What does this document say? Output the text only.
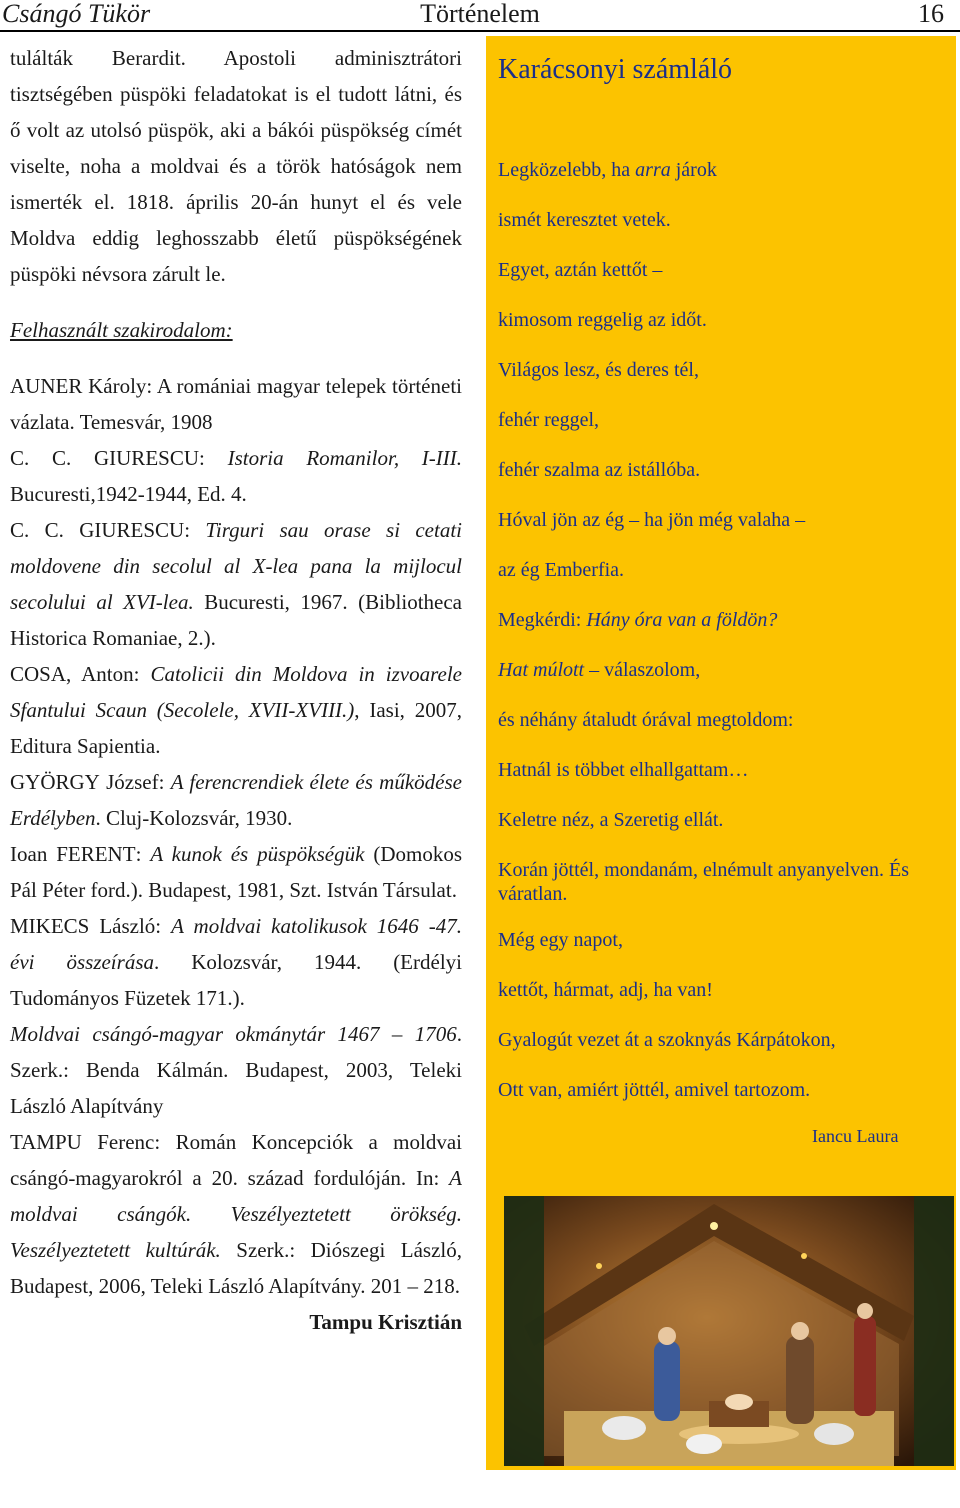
Csángó Tükör	Történelem	16

tulálták Berardit. Apostoli adminisztrátori tisztségében püspöki feladatokat is el tudott látni, és ő volt az utolsó püspök, aki a bákói püspökség címét viselte, noha a moldvai és a török hatóságok nem ismerték el. 1818. április 20-án hunyt el és vele Moldva eddig leghosszabb életű püspökségének püspöki névsora zárult le.

Felhasznált szakirodalom:

AUNER Károly: A romániai magyar telepek történeti vázlata. Temesvár, 1908

C. C. GIURESCU: Istoria Romanilor, I-III. Bucuresti,1942-1944, Ed. 4.

C. C. GIURESCU: Tirguri sau orase si cetati moldovene din secolul al X-lea pana la mijlocul secolului al XVI-lea. Bucuresti, 1967. (Bibliotheca Historica Romaniae, 2.).

COSA, Anton: Catolicii din Moldova in izvoarele Sfantului Scaun (Secolele, XVII-XVIII.), Iasi, 2007, Editura Sapientia.

GYÖRGY József: A ferencrendiek élete és működése Erdélyben. Cluj-Kolozsvár, 1930.

Ioan FERENT: A kunok és püspökségük (Domokos Pál Péter ford.). Budapest, 1981, Szt. István Társulat.

MIKECS László: A moldvai katolikusok 1646 -47. évi összeírása. Kolozsvár, 1944. (Erdélyi Tudományos Füzetek 171.).

Moldvai csángó-magyar okmánytár 1467 – 1706. Szerk.: Benda Kálmán. Budapest, 2003, Teleki László Alapítvány

TAMPU Ferenc: Román Koncepciók a moldvai csángó-magyarokról a 20. század fordulóján. In: A moldvai csángók. Veszélyeztetett örökség. Veszélyeztetett kultúrák. Szerk.: Diószegi László, Budapest, 2006, Teleki László Alapítvány. 201 – 218.

Tampu Krisztián

Karácsonyi számláló

Legközelebb, ha arra járok

ismét keresztet vetek.

Egyet, aztán kettőt –

kimosom reggelig az időt.

Világos lesz, és deres tél,

fehér reggel,

fehér szalma az istállóba.

Hóval jön az ég – ha jön még valaha –

az ég Emberfia.

Megkérdi: Hány óra van a földön?

Hat múlott – válaszolom,

és néhány átaludt órával megtoldom:

Hatnál is többet elhallgattam…

Keletre néz, a Szeretig ellát.

Korán jöttél, mondanám, elnémult anyanyelven. És váratlan.

Még egy napot,

kettőt, hármat, adj, ha van!

Gyalogút vezet át a szoknyás Kárpátokon,

Ott van, amiért jöttél, amivel tartozom.

Iancu Laura
